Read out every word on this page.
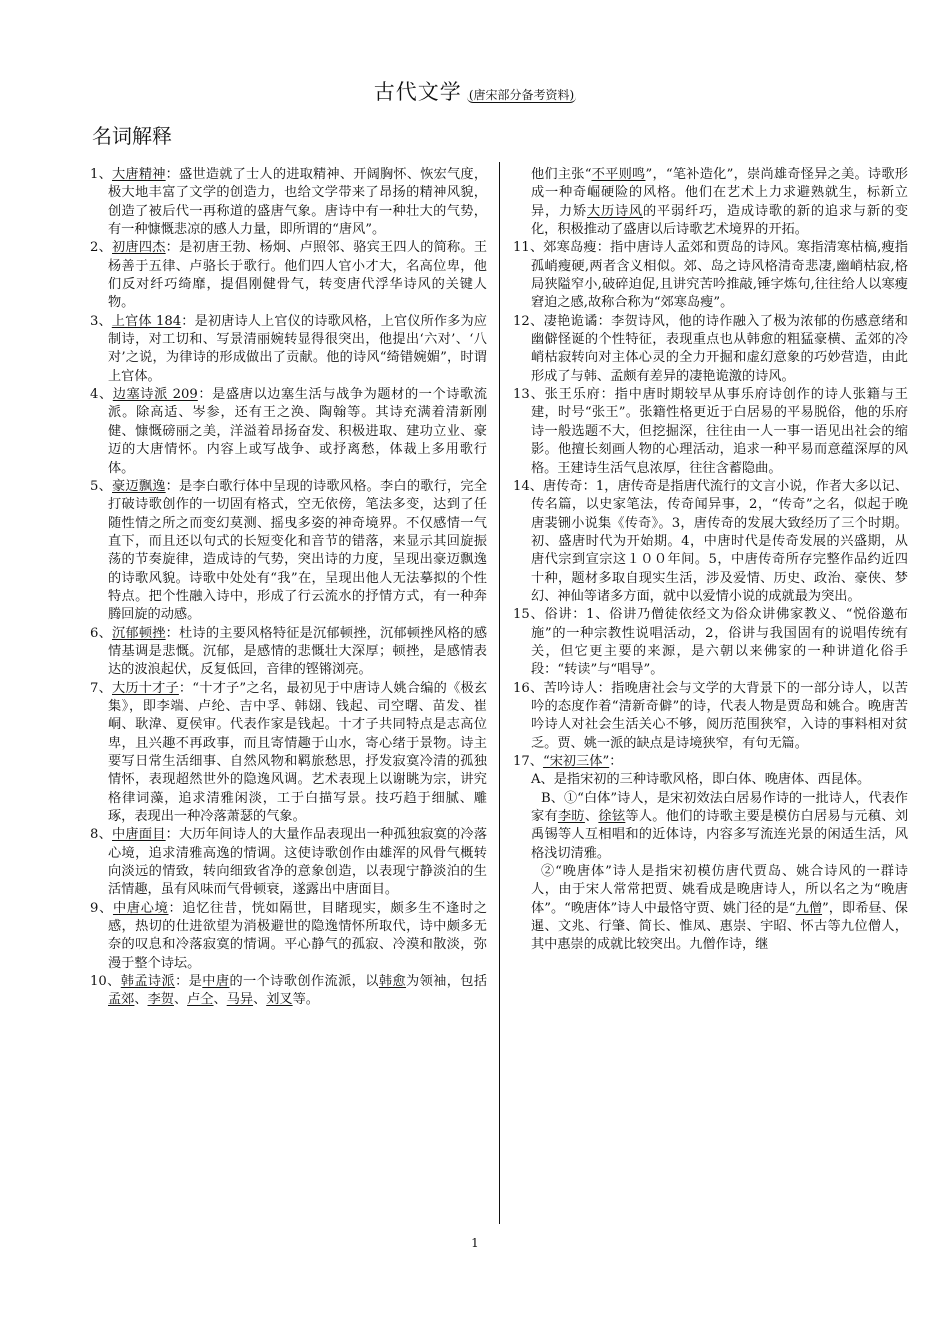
古代文学 (唐宋部分备考资料)
名词解释

1、大唐精神：盛世造就了士人的进取精神、开阔胸怀、恢宏气度，极大地丰富了文学的创造力，也给文学带来了昂扬的精神风貌，创造了被后代一再称道的盛唐气象。唐诗中有一种壮大的气势，有一种慷慨悲凉的感人力量，即所谓的“唐风”。

2、初唐四杰：是初唐王勃、杨炯、卢照邻、骆宾王四人的简称。王杨善于五律、卢骆长于歌行。他们四人官小才大，名高位卑，他们反对纤巧绮靡，提倡刚健骨气，转变唐代浮华诗风的关键人物。

3、上官体 184：是初唐诗人上官仪的诗歌风格，上官仪所作多为应制诗，对工切和、写景清丽婉转显得很突出，他提出‘六对’、‘八对’之说，为律诗的形成做出了贡献。他的诗风“绮错婉媚”，时谓上官体。

4、边塞诗派 209：是盛唐以边塞生活与战争为题材的一个诗歌流派。除高适、岑参，还有王之涣、陶翰等。其诗充满着清新刚健、慷慨磅丽之美，洋溢着昂扬奋发、积极进取、建功立业、豪迈的大唐情怀。内容上或写战争、或抒离愁，体裁上多用歌行体。

5、豪迈飘逸：是李白歌行体中呈现的诗歌风格。李白的歌行，完全打破诗歌创作的一切固有格式，空无依傍，笔法多变，达到了任随性情之所之而变幻莫测、摇曳多姿的神奇境界。不仅感情一气直下，而且还以句式的长短变化和音节的错落，来显示其回旋振荡的节奏旋律，造成诗的气势，突出诗的力度，呈现出豪迈飘逸的诗歌风貌。诗歌中处处有“我”在，呈现出他人无法摹拟的个性特点。把个性融入诗中，形成了行云流水的抒情方式，有一种奔腾回旋的动感。

6、沉郁顿挫：杜诗的主要风格特征是沉郁顿挫，沉郁顿挫风格的感情基调是悲慨。沉郁，是感情的悲慨壮大深厚；顿挫，是感情表达的波浪起伏，反复低回，音律的铿锵浏亮。

7、大历十才子：“十才子”之名，最初见于中唐诗人姚合编的《极玄集》，即李端、卢纶、吉中孚、韩翃、钱起、司空曙、苗发、崔峒、耿湋、夏侯审。代表作家是钱起。十才子共同特点是志高位卑，且兴趣不再政事，而且寄情趣于山水，寄心绪于景物。诗主要写日常生活细事、自然风物和羁旅愁思，抒发寂寞冷清的孤独情怀，表现超然世外的隐逸风调。艺术表现上以谢眺为宗，讲究格律词藻，追求清雅闲淡，工于白描写景。技巧趋于细腻、雕琢，表现出一种冷落萧瑟的气象。

8、中唐面目：大历年间诗人的大量作品表现出一种孤独寂寞的冷落心境，追求清雅高逸的情调。这使诗歌创作由雄浑的风骨气概转向淡远的情致，转向细致省净的意象创造，以表现宁静淡泊的生活情趣，虽有风味而气骨顿衰，遂露出中唐面目。

9、中唐心境：追忆往昔，恍如隔世，目睹现实，颇多生不逢时之感，热切的仕进欲望为消极避世的隐逸情怀所取代，诗中颇多无奈的叹息和冷落寂寞的情调。平心静气的孤寂、冷漠和散淡，弥漫于整个诗坛。

10、韩孟诗派：是中唐的一个诗歌创作流派，以韩愈为领袖，包括孟郊、李贺、卢仝、马异、刘叉等。

他们主张“不平则鸣”，“笔补造化”，崇尚雄奇怪异之美。诗歌形成一种奇崛硬险的风格。他们在艺术上力求避熟就生，标新立异，力矫大历诗风的平弱纤巧，造成诗歌的新的追求与新的变化，积极推动了盛唐以后诗歌艺术境界的开拓。

11、郊寒岛瘦：指中唐诗人孟郊和贾岛的诗风。寒指清寒枯槁,瘦指孤峭瘦硬,两者含义相似。郊、岛之诗风格清奇悲凄,幽峭枯寂,格局狭隘窄小,破碎迫促,且讲究苦吟推敲,锤字炼句,往往给人以寒瘦窘迫之感,故称合称为“郊寒岛瘦”。

12、凄艳诡谲：李贺诗风，他的诗作融入了极为浓郁的伤感意绪和幽僻怪诞的个性特征，表现重点也从韩愈的粗猛豪横、孟郊的冷峭枯寂转向对主体心灵的全力开掘和虚幻意象的巧妙营造，由此形成了与韩、孟颇有差异的凄艳诡激的诗风。

13、张王乐府：指中唐时期较早从事乐府诗创作的诗人张籍与王建，时号“张王”。张籍性格更近于白居易的平易脱俗，他的乐府诗一般选题不大，但挖掘深，往往由一人一事一语见出社会的缩影。他擅长刻画人物的心理活动，追求一种平易而意蕴深厚的风格。王建诗生活气息浓厚，往往含蓄隐曲。

14、唐传奇：1，唐传奇是指唐代流行的文言小说，作者大多以记、传名篇，以史家笔法，传奇闻异事，2，“传奇”之名，似起于晚唐裴铏小说集《传奇》。3，唐传奇的发展大致经历了三个时期。初、盛唐时代为开始期。4，中唐时代是传奇发展的兴盛期，从唐代宗到宣宗这１００年间。5，中唐传奇所存完整作品约近四十种，题材多取自现实生活，涉及爱情、历史、政治、豪侠、梦幻、神仙等诸多方面，就中以爱情小说的成就最为突出。

15、俗讲：1、俗讲乃僧徒依经文为俗众讲佛家教义、“悦俗邀布施”的一种宗教性说唱活动，2，俗讲与我国固有的说唱传统有关，但它更主要的来源，是六朝以来佛家的一种讲道化俗手段：“转读”与“唱导”。

16、苦吟诗人：指晚唐社会与文学的大背景下的一部分诗人，以苦吟的态度作着“清新奇僻”的诗，代表人物是贾岛和姚合。晚唐苦吟诗人对社会生活关心不够，阅历范围狭窄，入诗的事料相对贫乏。贾、姚一派的缺点是诗境狭窄，有句无篇。

17、“宋初三体”：

A、是指宋初的三种诗歌风格，即白体、晚唐体、西昆体。

B、①“白体”诗人，是宋初效法白居易作诗的一批诗人，代表作家有李昉、徐铉等人。他们的诗歌主要是模仿白居易与元稹、刘禹锡等人互相唱和的近体诗，内容多写流连光景的闲适生活，风格浅切清雅。

②“晚唐体”诗人是指宋初模仿唐代贾岛、姚合诗风的一群诗人，由于宋人常常把贾、姚看成是晚唐诗人，所以名之为“晚唐体”。“晚唐体”诗人中最恪守贾、姚门径的是“九僧”，即希昼、保暹、文兆、行肇、简长、惟凤、惠崇、宇昭、怀古等九位僧人，其中惠崇的成就比较突出。九僧作诗，继

1
